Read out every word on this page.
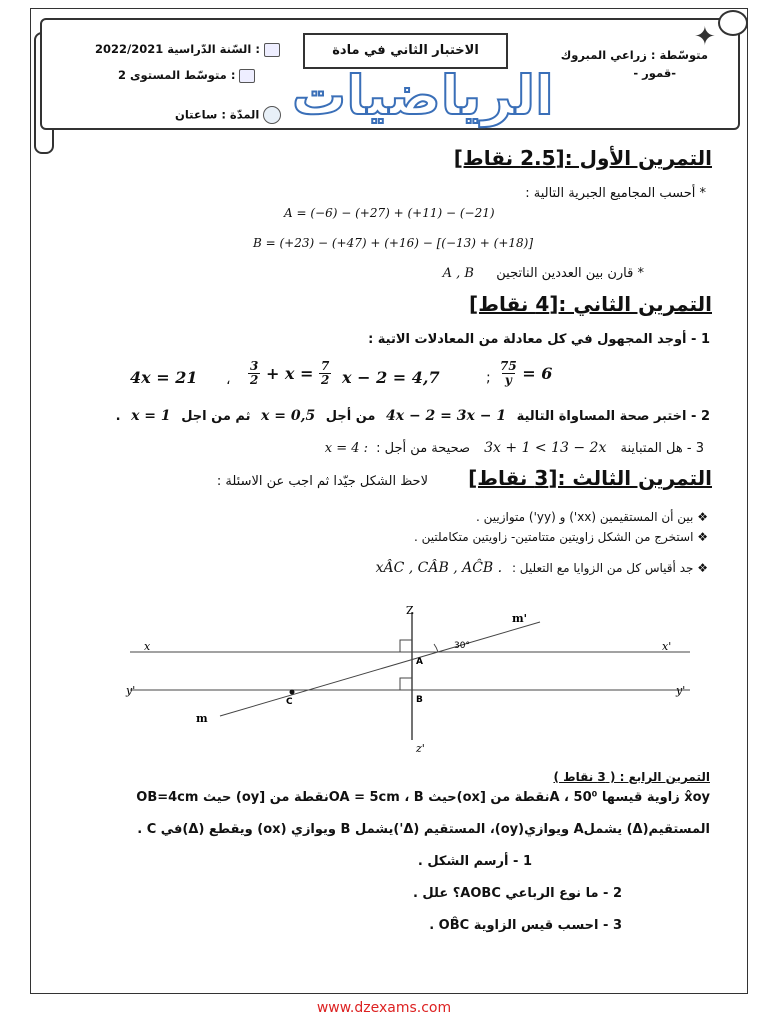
✦
الاختبار الثاني في مادة
الرياضيات
متوسّطة : زراعي المبروك
-قمور -
2022/2021 السّنة الدّراسية :
2 متوسّط المستوى :
المدّة : ساعتان
التمرين الأول :[2.5 نقاط]
* أحسب المجاميع الجبرية التالية :
A = (−6) − (+27) + (+11) − (−21)
B = (+23) − (+47) + (+16) − [(−13) + (+18)]
* قارن بين العددين الناتجين  A , B
التمرين الثاني :[4 نقاط]
1 - أوجد المجهول في كل معادلة من المعادلات الاتية :
4x = 21 ،
3
2 + x = 7
2 x − 2 = 4,7	;
75
y = 6
2 - اختبر صحة المساواة التالية 4x − 2 = 3x − 1 من أجل x = 0,5 ثم من اجل x = 1 .
3 - هل المتباينة 3x + 1 < 13 − 2x صحيحة من أجل : x = 4 :
التمرين الثالث :[3 نقاط]
لاحظ الشكل جيّدا ثم اجب عن الاسئلة :
❖ بين أن المستقيمين (xx') و (yy') متوازيين .
❖ استخرج من الشكل زاويتين متتامتين- زاويتين متكاملتين .
❖ جد أقياس كل من الزوايا مع التعليل : xÂC , CÂB , AĈB .
x	x'
y'	y'
Z
z'
m
m'
A
B
C
30°
التمرين الرابع : ( 3 نقاط )
x̂oy زاوية قيسها 50⁰ ، Aنقطة من [ox)حيث OA = 5cm ، Bنقطة من [oy) حيث OB=4cm
المستقيم(Δ) يشملA ويوازي(oy)، المستقيم (Δ')يشمل B ويوازي (ox) ويقطع (Δ)في C .
1 - أرسم الشكل .
2 - ما نوع الرباعي AOBC؟ علل .
3 - احسب قيس الزاوية OB̂C .
www.dzexams.com
